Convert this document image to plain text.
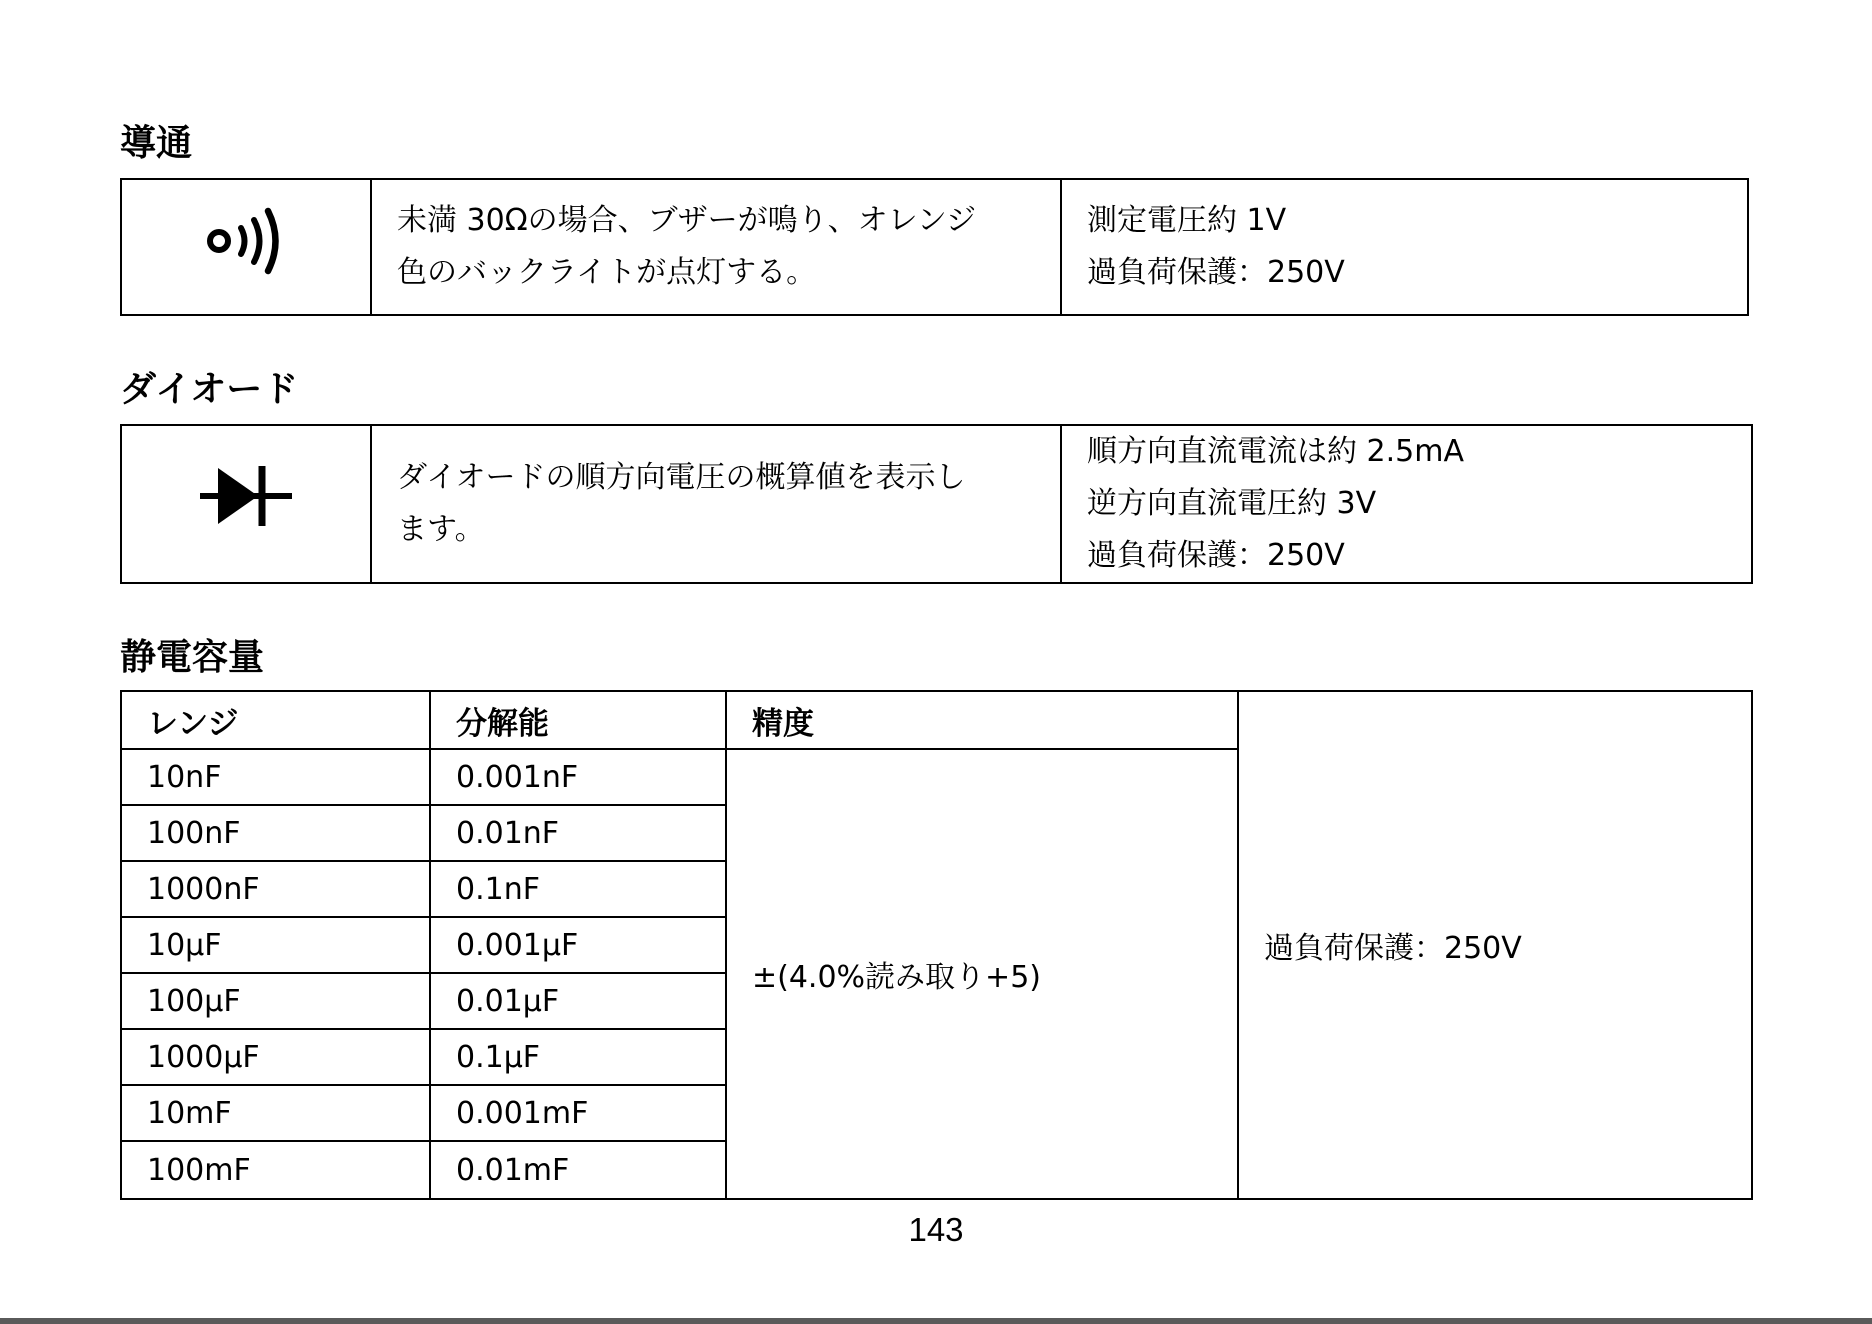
導通

未満 30Ωの場合、ブザーが鳴り、オレンジ
色のバックライトが点灯する。

測定電圧約 1V
過負荷保護：250V
ダイオード

ダイオードの順方向電圧の概算値を表示し
ます。

順方向直流電流は約 2.5mA
逆方向直流電圧約 3V
過負荷保護：250V
静電容量
レンジ	分解能	精度	過負荷保護：250V
10nF	0.001nF	±(4.0%読み取り+5)	
100nF	0.01nF		
1000nF	0.1nF		
10μF	0.001μF		
100μF	0.01μF		
1000μF	0.1μF		
10mF	0.001mF		
100mF	0.01mF		
143
